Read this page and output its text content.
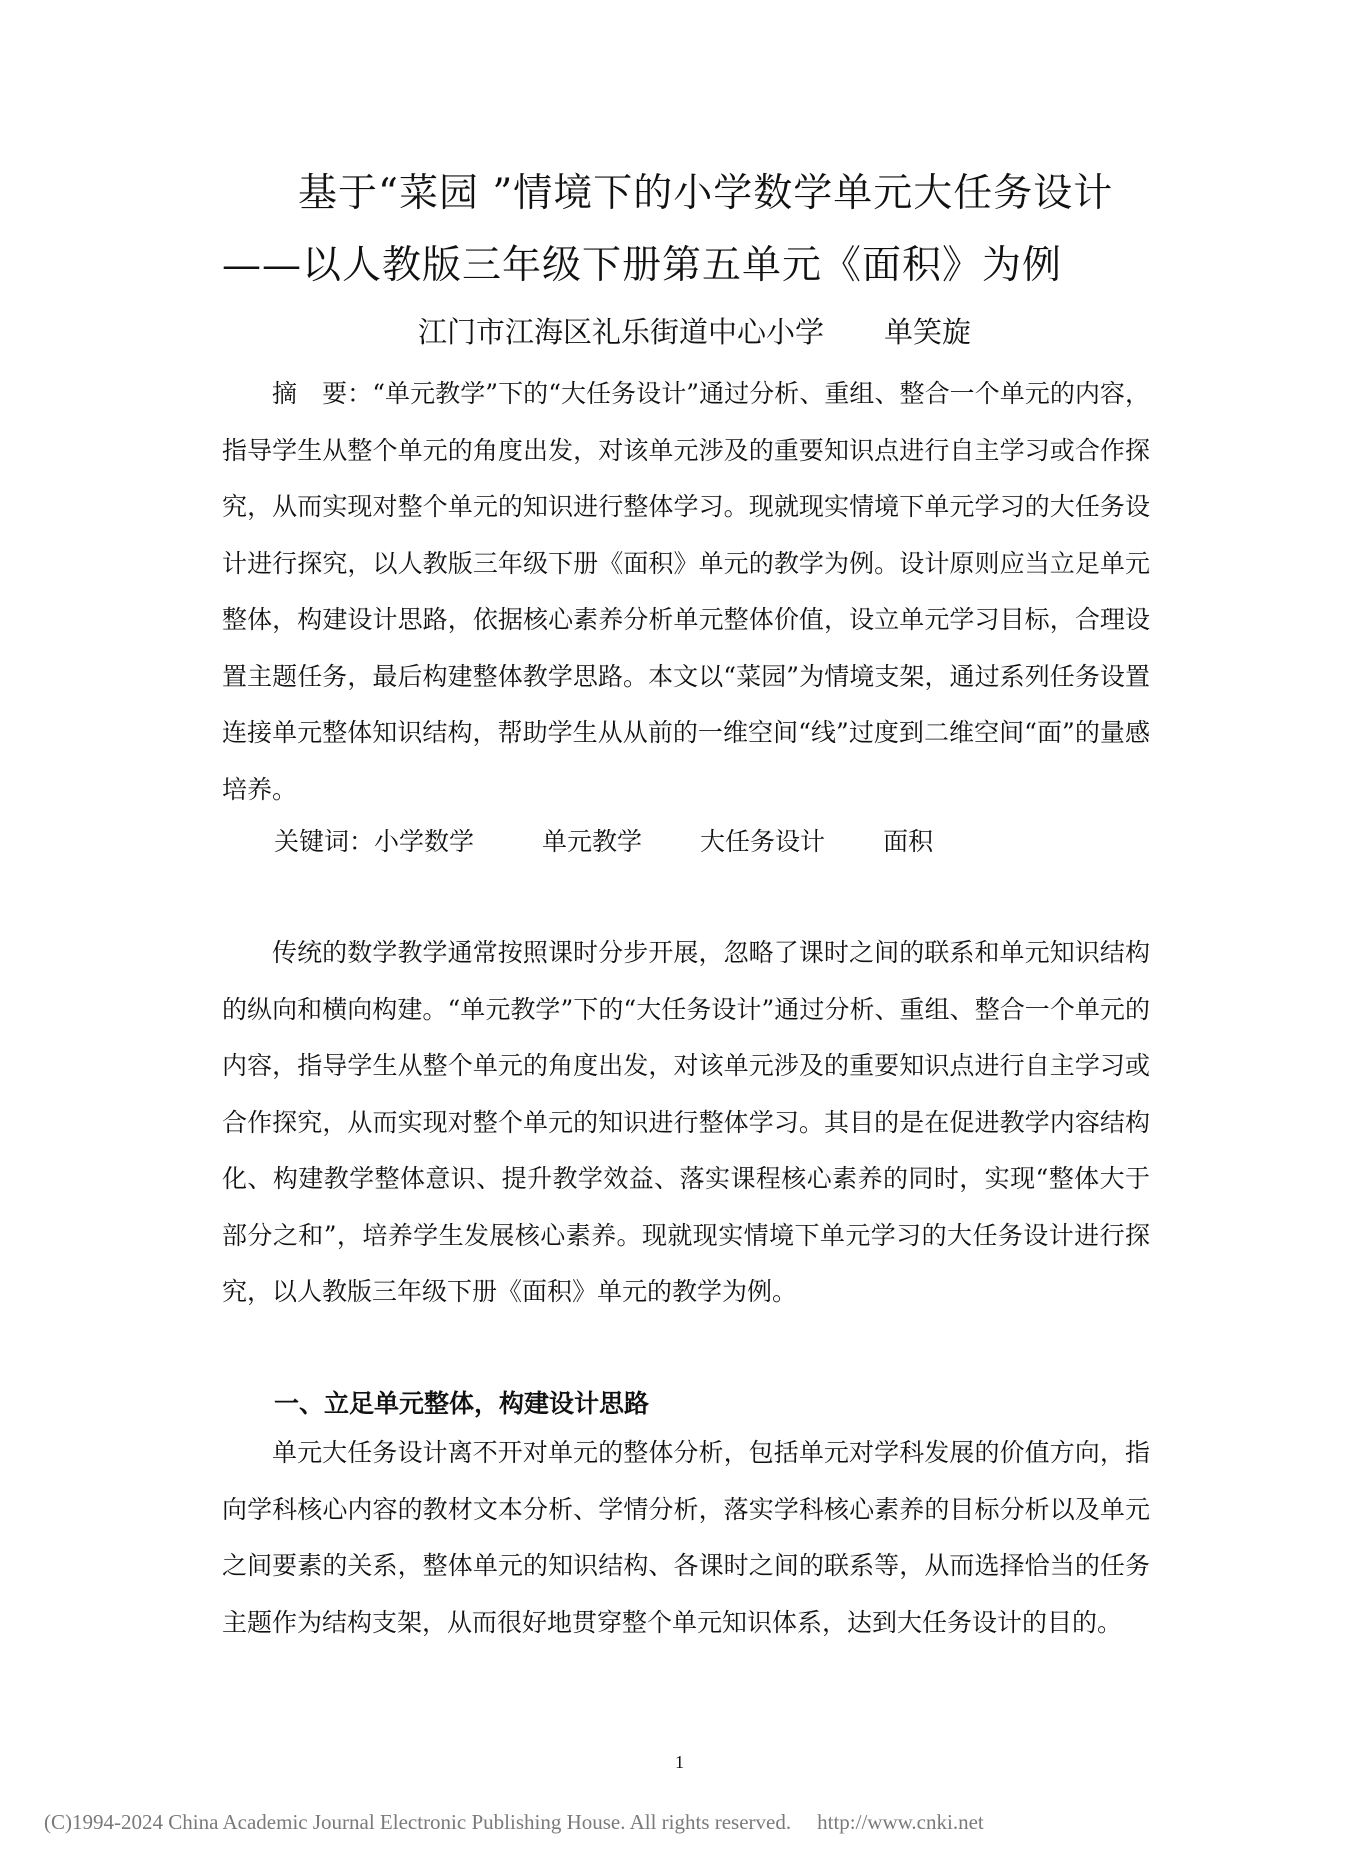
基于“菜园 ”情境下的小学数学单元大任务设计
——以人教版三年级下册第五单元《面积》为例
江门市江海区礼乐街道中心小学 单笑旋

摘　要：“单元教学”下的“大任务设计”通过分析、重组、整合一个单元的内容，指导学生从整个单元的角度出发，对该单元涉及的重要知识点进行自主学习或合作探究，从而实现对整个单元的知识进行整体学习。现就现实情境下单元学习的大任务设计进行探究，以人教版三年级下册《面积》单元的教学为例。设计原则应当立足单元整体，构建设计思路，依据核心素养分析单元整体价值，设立单元学习目标，合理设置主题任务，最后构建整体教学思路。本文以“菜园”为情境支架，通过系列任务设置连接单元整体知识结构，帮助学生从从前的一维空间“线”过度到二维空间“面”的量感培养。

关键词：小学数学	单元教学 大任务设计 面积

传统的数学教学通常按照课时分步开展，忽略了课时之间的联系和单元知识结构的纵向和横向构建。“单元教学”下的“大任务设计”通过分析、重组、整合一个单元的内容，指导学生从整个单元的角度出发，对该单元涉及的重要知识点进行自主学习或合作探究，从而实现对整个单元的知识进行整体学习。其目的是在促进教学内容结构化、构建教学整体意识、提升教学效益、落实课程核心素养的同时，实现“整体大于部分之和”，培养学生发展核心素养。现就现实情境下单元学习的大任务设计进行探究，以人教版三年级下册《面积》单元的教学为例。

一、立足单元整体，构建设计思路

单元大任务设计离不开对单元的整体分析，包括单元对学科发展的价值方向，指向学科核心内容的教材文本分析、学情分析，落实学科核心素养的目标分析以及单元之间要素的关系，整体单元的知识结构、各课时之间的联系等，从而选择恰当的任务主题作为结构支架，从而很好地贯穿整个单元知识体系，达到大任务设计的目的。

1
(C)1994-2024 China Academic Journal Electronic Publishing House. All rights reserved. http://www.cnki.net
